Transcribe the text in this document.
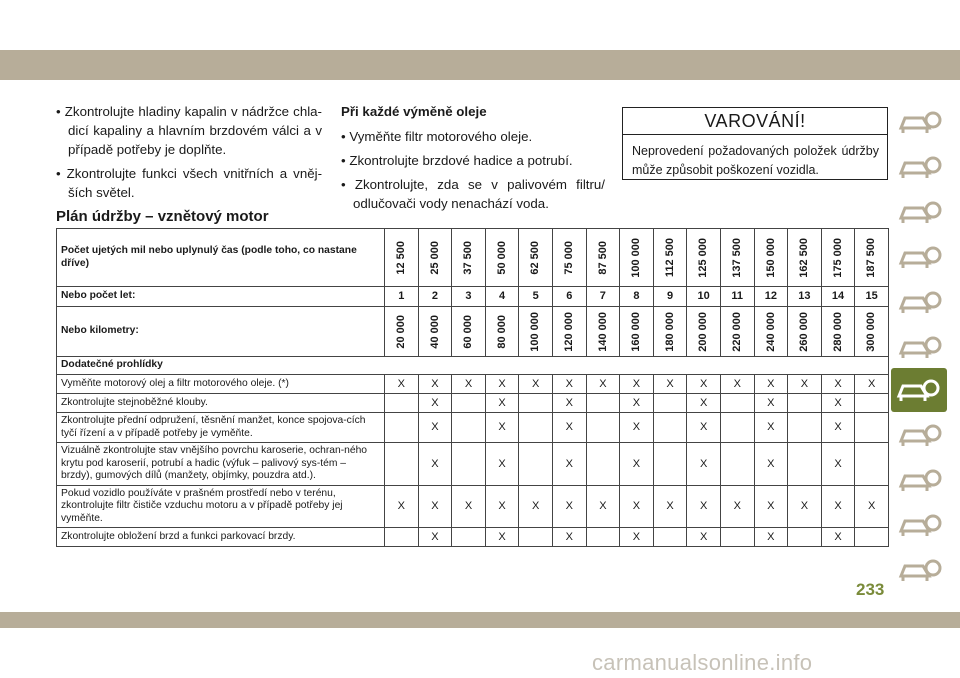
• Zkontrolujte hladiny kapalin v nádržce chla-dicí kapaliny a hlavním brzdovém válci a v případě potřeby je doplňte.

• Zkontrolujte funkci všech vnitřních a vněj-ších světel.

Při každé výměně oleje

• Vyměňte filtr motorového oleje.

• Zkontrolujte brzdové hadice a potrubí.

• Zkontrolujte, zda se v palivovém filtru/ odlučovači vody nenachází voda.

VAROVÁNÍ!
Neprovedení požadovaných položek údržby může způsobit poškození vozidla.
Plán údržby – vznětový motor
Počet ujetých mil nebo uplynulý čas (podle toho, co nastane dříve)	12 500	25 000	37 500	50 000	62 500	75 000	87 500	100 000	112 500	125 000	137 500	150 000	162 500	175 000	187 500

Nebo počet let:	1	2	3	4	5	6	7	8	9	10	11	12	13	14	15
Nebo kilometry:	20 000	40 000	60 000	80 000	100 000	120 000	140 000	160 000	180 000	200 000	220 000	240 000	260 000	280 000	300 000

Dodatečné prohlídky															
Vyměňte motorový olej a filtr motorového oleje. (*)	X	X	X	X	X	X	X	X	X	X	X	X	X	X	X
Zkontrolujte stejnoběžné klouby.		X		X		X		X		X		X		X	
Zkontrolujte přední odpružení, těsnění manžet, konce spojova-cích tyčí řízení a v případě potřeby je vyměňte.		X		X		X		X		X		X		X	
Vizuálně zkontrolujte stav vnějšího povrchu karoserie, ochran-ného krytu pod karoserií, potrubí a hadic (výfuk – palivový sys-tém – brzdy), gumových dílů (manžety, objímky, pouzdra atd.).		X		X		X		X		X		X		X	
Pokud vozidlo používáte v prašném prostředí nebo v terénu, zkontrolujte filtr čističe vzduchu motoru a v případě potřeby jej vyměňte.	X	X	X	X	X	X	X	X	X	X	X	X	X	X	X
Zkontrolujte obložení brzd a funkci parkovací brzdy.		X		X		X		X		X		X		X	
233
carmanualsonline.info
